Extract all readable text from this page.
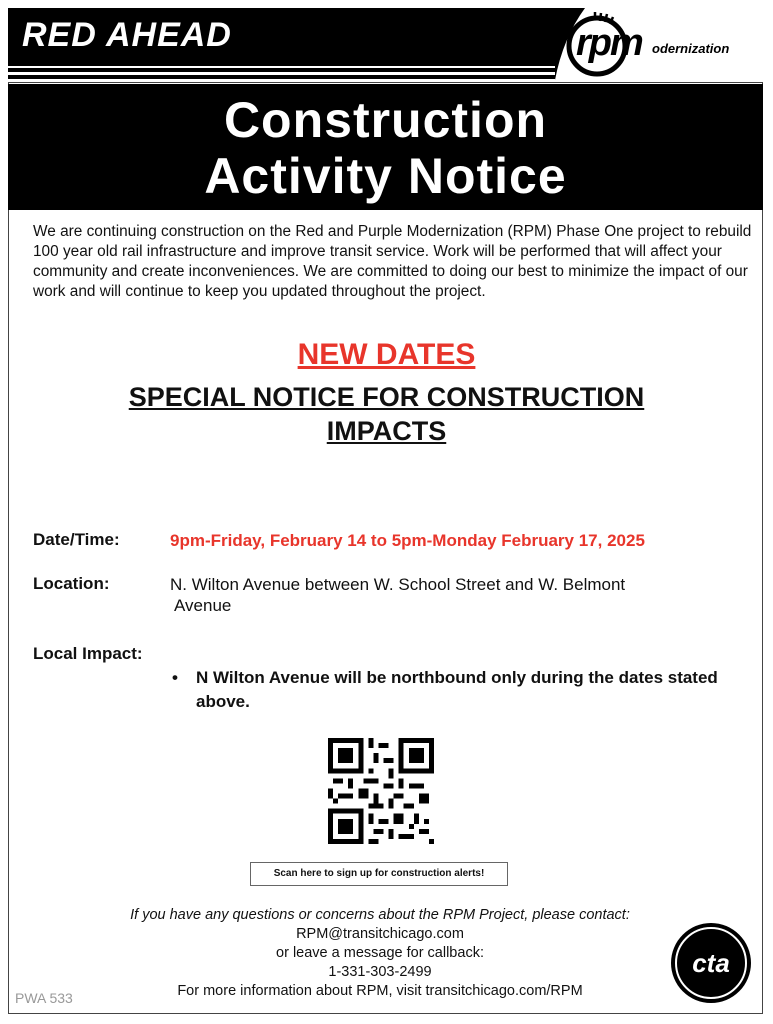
RED AHEAD	rpm odernization
Construction
Activity Notice
We are continuing construction on the Red and Purple Modernization (RPM) Phase One project to rebuild 100 year old rail infrastructure and improve transit service. Work will be performed that will affect your community and create inconveniences. We are committed to doing our best to minimize the impact of our work and will continue to keep you updated throughout the project.
NEW DATES
SPECIAL NOTICE FOR CONSTRUCTION
IMPACTS
Date/Time:	9pm-Friday, February 14 to 5pm-Monday February 17, 2025
Location:	N. Wilton Avenue between W. School Street and W. Belmont
Avenue
Local Impact:
• N Wilton Avenue will be northbound only during the dates stated above.
Scan here to sign up for construction alerts!
If you have any questions or concerns about the RPM Project, please contact:
RPM@transitchicago.com
or leave a message for callback:
1-331-303-2499
For more information about RPM, visit transitchicago.com/RPM
PWA 533
cta
